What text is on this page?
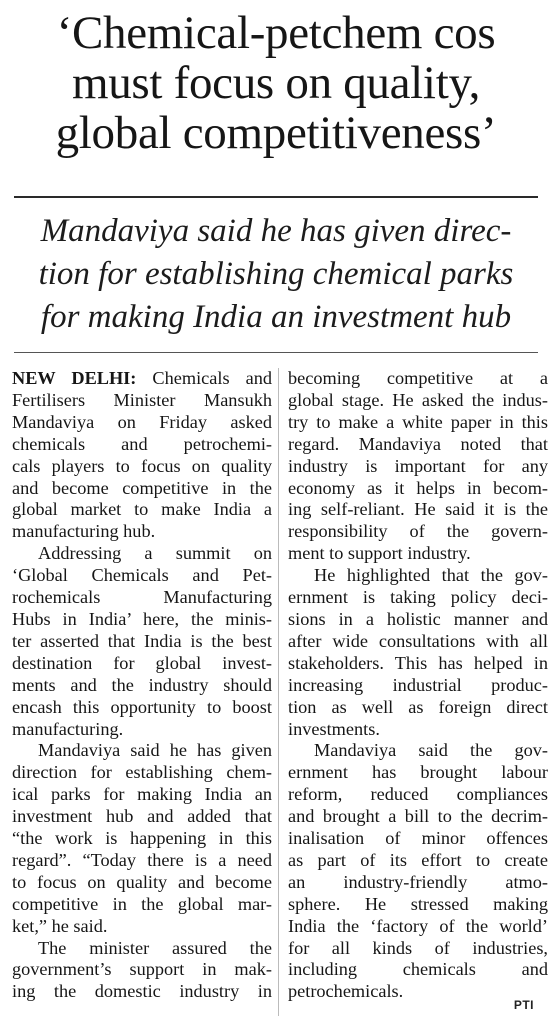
‘Chemical-petchem cos
must focus on quality,
global competitiveness’
Mandaviya said he has given direc-
tion for establishing chemical parks
for making India an investment hub
NEW DELHI: Chemicals and
Fertilisers Minister Mansukh
Mandaviya on Friday asked
chemicals and petrochemi-
cals players to focus on quality
and become competitive in the
global market to make India a
manufacturing hub.
Addressing a summit on
‘Global Chemicals and Pet-
rochemicals Manufacturing
Hubs in India’ here, the minis-
ter asserted that India is the best
destination for global invest-
ments and the industry should
encash this opportunity to boost
manufacturing.
Mandaviya said he has given
direction for establishing chem-
ical parks for making India an
investment hub and added that
“the work is happening in this
regard”. “Today there is a need
to focus on quality and become
competitive in the global mar-
ket,” he said.
The minister assured the
government’s support in mak-
ing the domestic industry in
becoming competitive at a
global stage. He asked the indus-
try to make a white paper in this
regard. Mandaviya noted that
industry is important for any
economy as it helps in becom-
ing self-reliant. He said it is the
responsibility of the govern-
ment to support industry.
He highlighted that the gov-
ernment is taking policy deci-
sions in a holistic manner and
after wide consultations with all
stakeholders. This has helped in
increasing industrial produc-
tion as well as foreign direct
investments.
Mandaviya said the gov-
ernment has brought labour
reform, reduced compliances
and brought a bill to the decrim-
inalisation of minor offences
as part of its effort to create
an industry-friendly atmo-
sphere. He stressed making
India the ‘factory of the world’
for all kinds of industries,
including chemicals and
petrochemicals.
PTI
